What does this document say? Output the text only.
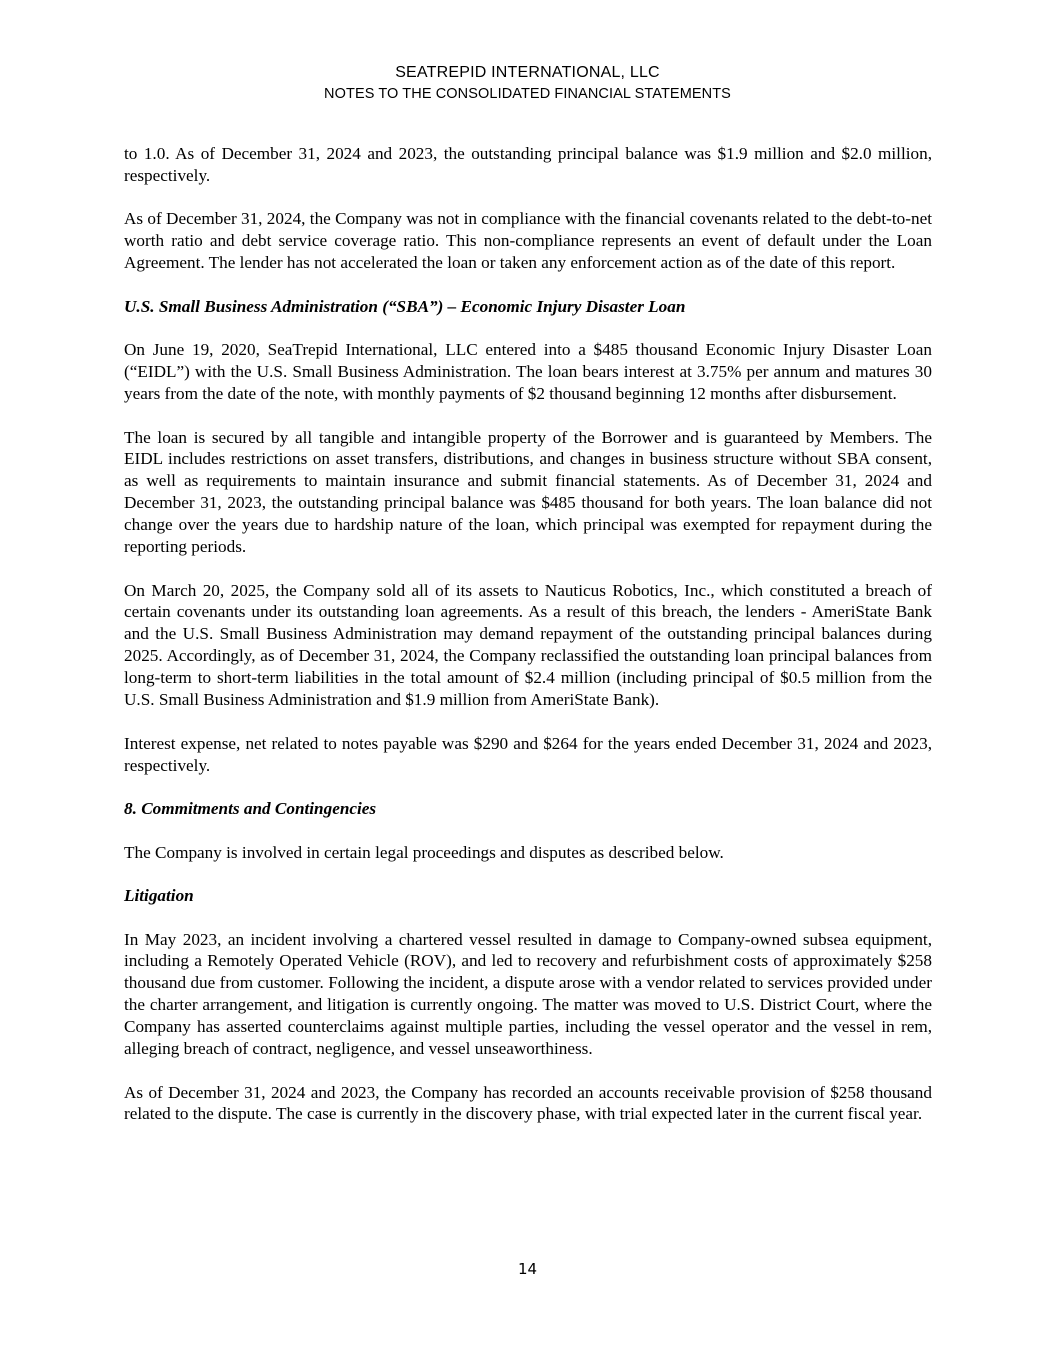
SEATREPID INTERNATIONAL, LLC
NOTES TO THE CONSOLIDATED FINANCIAL STATEMENTS

to 1.0. As of December 31, 2024 and 2023, the outstanding principal balance was $1.9 million and $2.0 million, respectively.

As of December 31, 2024, the Company was not in compliance with the financial covenants related to the debt-to-net worth ratio and debt service coverage ratio. This non-compliance represents an event of default under the Loan Agreement. The lender has not accelerated the loan or taken any enforcement action as of the date of this report.

U.S. Small Business Administration (“SBA”) – Economic Injury Disaster Loan

On June 19, 2020, SeaTrepid International, LLC entered into a $485 thousand Economic Injury Disaster Loan (“EIDL”) with the U.S. Small Business Administration. The loan bears interest at 3.75% per annum and matures 30 years from the date of the note, with monthly payments of $2 thousand beginning 12 months after disbursement.

The loan is secured by all tangible and intangible property of the Borrower and is guaranteed by Members. The EIDL includes restrictions on asset transfers, distributions, and changes in business structure without SBA consent, as well as requirements to maintain insurance and submit financial statements. As of December 31, 2024 and December 31, 2023, the outstanding principal balance was $485 thousand for both years. The loan balance did not change over the years due to hardship nature of the loan, which principal was exempted for repayment during the reporting periods.

On March 20, 2025, the Company sold all of its assets to Nauticus Robotics, Inc., which constituted a breach of certain covenants under its outstanding loan agreements. As a result of this breach, the lenders - AmeriState Bank and the U.S. Small Business Administration may demand repayment of the outstanding principal balances during 2025. Accordingly, as of December 31, 2024, the Company reclassified the outstanding loan principal balances from long-term to short-term liabilities in the total amount of $2.4 million (including principal of $0.5 million from the U.S. Small Business Administration and $1.9 million from AmeriState Bank).

Interest expense, net related to notes payable was $290 and $264 for the years ended December 31, 2024 and 2023, respectively.

8. Commitments and Contingencies

The Company is involved in certain legal proceedings and disputes as described below.

Litigation

In May 2023, an incident involving a chartered vessel resulted in damage to Company-owned subsea equipment, including a Remotely Operated Vehicle (ROV), and led to recovery and refurbishment costs of approximately $258 thousand due from customer. Following the incident, a dispute arose with a vendor related to services provided under the charter arrangement, and litigation is currently ongoing. The matter was moved to U.S. District Court, where the Company has asserted counterclaims against multiple parties, including the vessel operator and the vessel in rem, alleging breach of contract, negligence, and vessel unseaworthiness.

As of December 31, 2024 and 2023, the Company has recorded an accounts receivable provision of $258 thousand related to the dispute. The case is currently in the discovery phase, with trial expected later in the current fiscal year.

14
